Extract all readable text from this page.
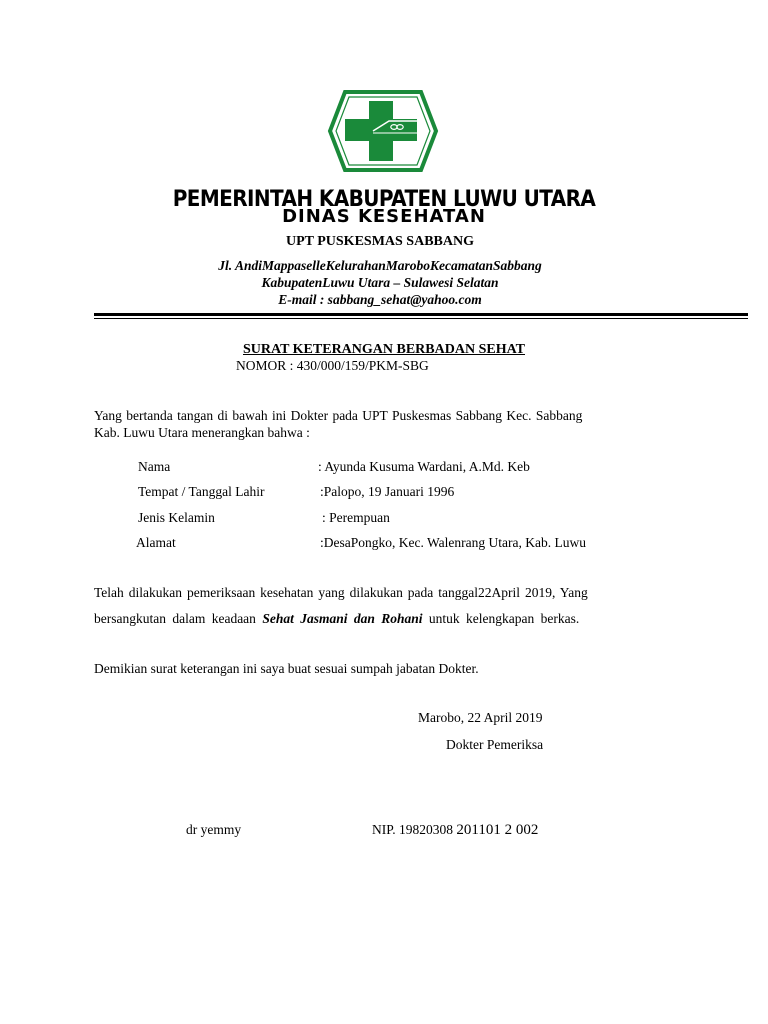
PEMERINTAH KABUPATEN LUWU UTARA
DINAS KESEHATAN
UPT PUSKESMAS SABBANG
Jl. AndiMappaselleKelurahanMaroboKecamatanSabbang
KabupatenLuwu Utara – Sulawesi Selatan
E-mail : sabbang_sehat@yahoo.com
SURAT KETERANGAN BERBADAN SEHAT
NOMOR : 430/000/159/PKM-SBG
Yang bertanda tangan di bawah ini Dokter pada UPT Puskesmas Sabbang Kec. Sabbang
Kab. Luwu Utara menerangkan bahwa :
Nama	: Ayunda Kusuma Wardani, A.Md. Keb
Tempat / Tanggal Lahir	:Palopo, 19 Januari 1996
Jenis Kelamin	: Perempuan
Alamat	:DesaPongko, Kec. Walenrang Utara, Kab. Luwu
Telah dilakukan pemeriksaan kesehatan yang dilakukan pada tanggal22April 2019, Yang
bersangkutan dalam keadaan Sehat Jasmani dan Rohani untuk kelengkapan berkas.
Demikian surat keterangan ini saya buat sesuai sumpah jabatan Dokter.
Marobo, 22 April 2019
Dokter Pemeriksa
dr yemmy	NIP. 19820308 201101 2 002
